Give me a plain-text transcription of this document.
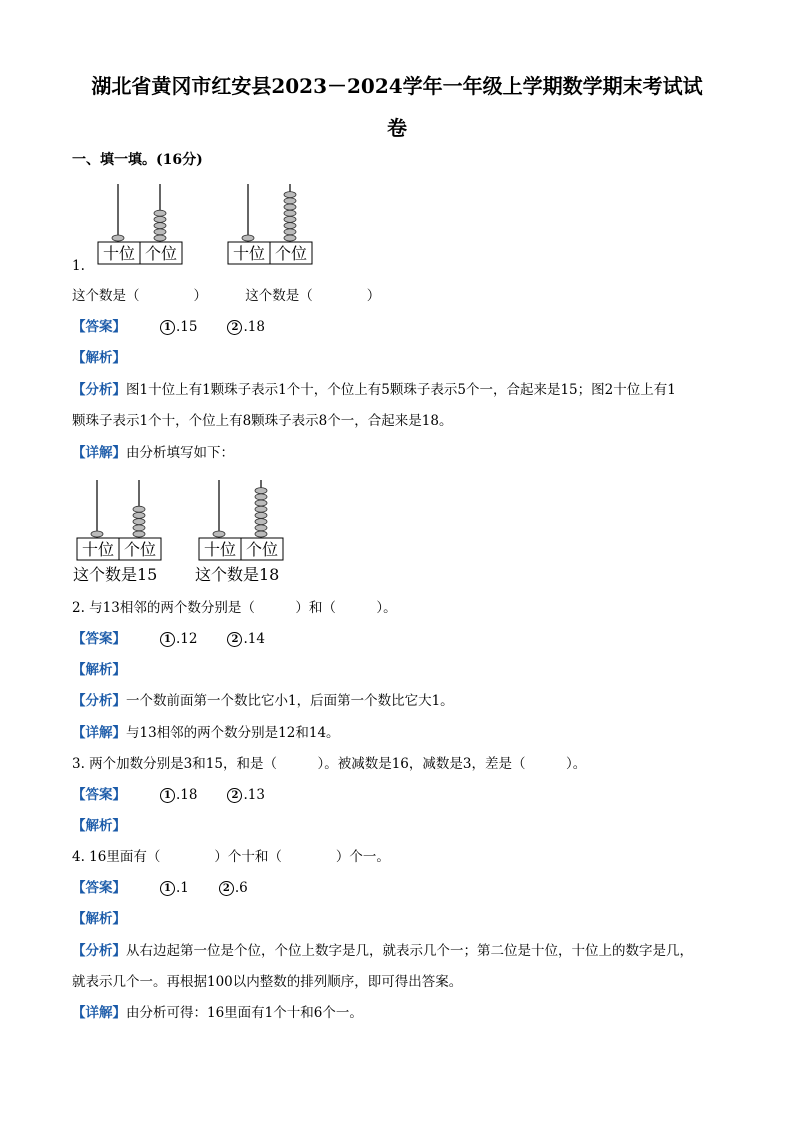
湖北省黄冈市红安县2023－2024学年一年级上学期数学期末考试试
卷
一、填一填。(16分)
十位 个位	十位 个位
1.
这个数是（　　　　）	这个数是（　　　　）
【答案】	1 .15	2 .18
【解析】
【分析】图1十位上有1颗珠子表示1个十，个位上有5颗珠子表示5个一，合起来是15；图2十位上有1
颗珠子表示1个十，个位上有8颗珠子表示8个一，合起来是18。
【详解】由分析填写如下：
十位 个位	十位 个位
这个数是15 这个数是18
2. 与13相邻的两个数分别是（　　　）和（　　　）。
【答案】	1 .12	2 .14
【解析】
【分析】一个数前面第一个数比它小1，后面第一个数比它大1。
【详解】与13相邻的两个数分别是12和14。
3. 两个加数分别是3和15，和是（　　　）。被减数是16，减数是3，差是（　　　）。
【答案】	1 .18	2 .13
【解析】
4. 16里面有（　　　　）个十和（　　　　）个一。
【答案】	1 .1	2 .6
【解析】
【分析】从右边起第一位是个位，个位上数字是几，就表示几个一；第二位是十位，十位上的数字是几，
就表示几个一。再根据100以内整数的排列顺序，即可得出答案。
【详解】由分析可得：16里面有1个十和6个一。
